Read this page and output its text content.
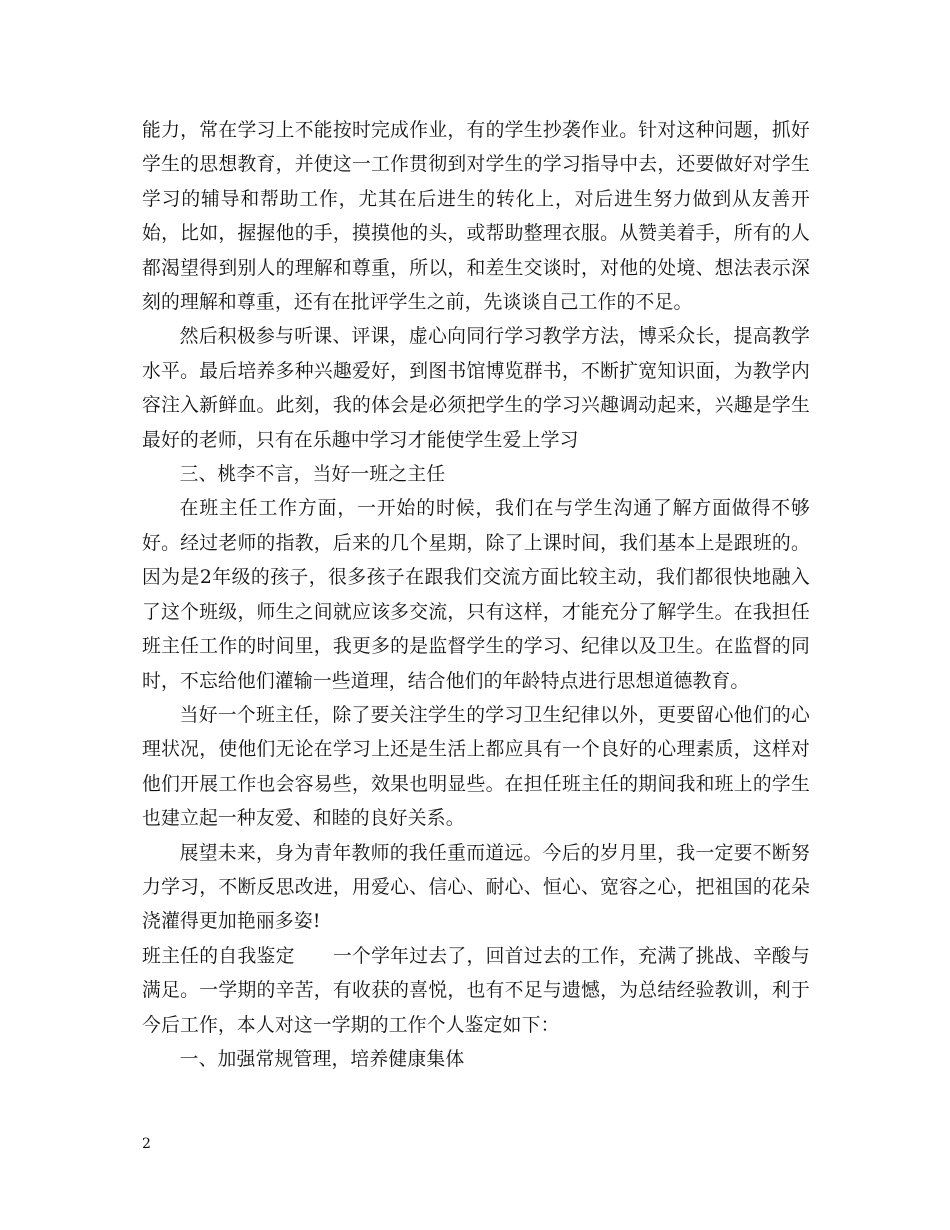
能力，常在学习上不能按时完成作业，有的学生抄袭作业。针对这种问题，抓好学生的思想教育，并使这一工作贯彻到对学生的学习指导中去，还要做好对学生学习的辅导和帮助工作，尤其在后进生的转化上，对后进生努力做到从友善开始，比如，握握他的手，摸摸他的头，或帮助整理衣服。从赞美着手，所有的人都渴望得到别人的理解和尊重，所以，和差生交谈时，对他的处境、想法表示深刻的理解和尊重，还有在批评学生之前，先谈谈自己工作的不足。

然后积极参与听课、评课，虚心向同行学习教学方法，博采众长，提高教学水平。最后培养多种兴趣爱好，到图书馆博览群书，不断扩宽知识面，为教学内容注入新鲜血。此刻，我的体会是必须把学生的学习兴趣调动起来，兴趣是学生最好的老师，只有在乐趣中学习才能使学生爱上学习

三、桃李不言，当好一班之主任

在班主任工作方面，一开始的时候，我们在与学生沟通了解方面做得不够好。经过老师的指教，后来的几个星期，除了上课时间，我们基本上是跟班的。因为是2年级的孩子，很多孩子在跟我们交流方面比较主动，我们都很快地融入了这个班级，师生之间就应该多交流，只有这样，才能充分了解学生。在我担任班主任工作的时间里，我更多的是监督学生的学习、纪律以及卫生。在监督的同时，不忘给他们灌输一些道理，结合他们的年龄特点进行思想道德教育。

当好一个班主任，除了要关注学生的学习卫生纪律以外，更要留心他们的心理状况，使他们无论在学习上还是生活上都应具有一个良好的心理素质，这样对他们开展工作也会容易些，效果也明显些。在担任班主任的期间我和班上的学生也建立起一种友爱、和睦的良好关系。

展望未来，身为青年教师的我任重而道远。今后的岁月里，我一定要不断努力学习，不断反思改进，用爱心、信心、耐心、恒心、宽容之心，把祖国的花朵浇灌得更加艳丽多姿!

班主任的自我鉴定　　一个学年过去了，回首过去的工作，充满了挑战、辛酸与满足。一学期的辛苦，有收获的喜悦，也有不足与遗憾，为总结经验教训，利于今后工作，本人对这一学期的工作个人鉴定如下：

一、加强常规管理，培养健康集体

2
